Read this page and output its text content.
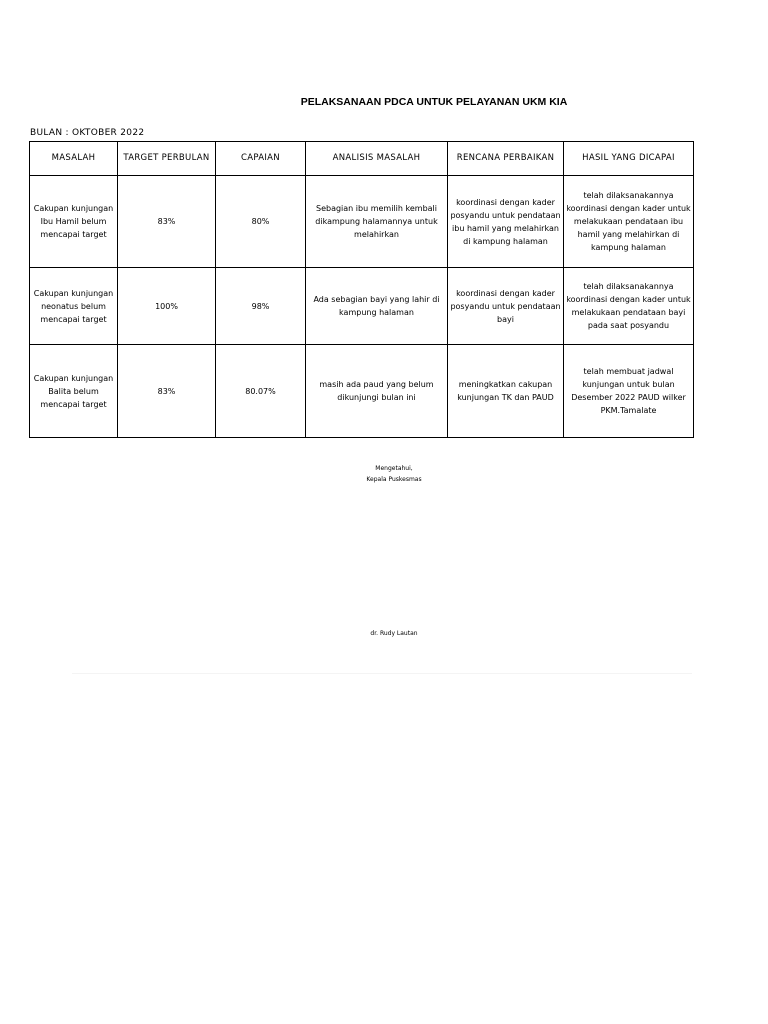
PELAKSANAAN PDCA UNTUK PELAYANAN UKM KIA
BULAN : OKTOBER 2022
MASALAH	TARGET PERBULAN	CAPAIAN	ANALISIS MASALAH	RENCANA PERBAIKAN	HASIL YANG DICAPAI
Cakupan kunjungan Ibu Hamil belum mencapai target	83%	80%	Sebagian ibu memilih kembali dikampung halamannya untuk melahirkan	koordinasi dengan kader posyandu untuk pendataan ibu hamil yang melahirkan di kampung halaman	telah dilaksanakannya koordinasi dengan kader untuk melakukaan pendataan ibu hamil yang melahirkan di kampung halaman
Cakupan kunjungan neonatus belum mencapai target	100%	98%	Ada sebagian bayi yang lahir di kampung halaman	koordinasi dengan kader posyandu untuk pendataan bayi	telah dilaksanakannya koordinasi dengan kader untuk melakukaan pendataan bayi pada saat posyandu
Cakupan kunjungan Balita belum mencapai target	83%	80.07%	masih ada paud yang belum dikunjungi bulan ini	meningkatkan cakupan kunjungan TK dan PAUD	telah membuat jadwal kunjungan untuk bulan Desember 2022 PAUD wilker PKM.Tamalate
Mengetahui,
Kepala Puskesmas
dr. Rudy Lautan
